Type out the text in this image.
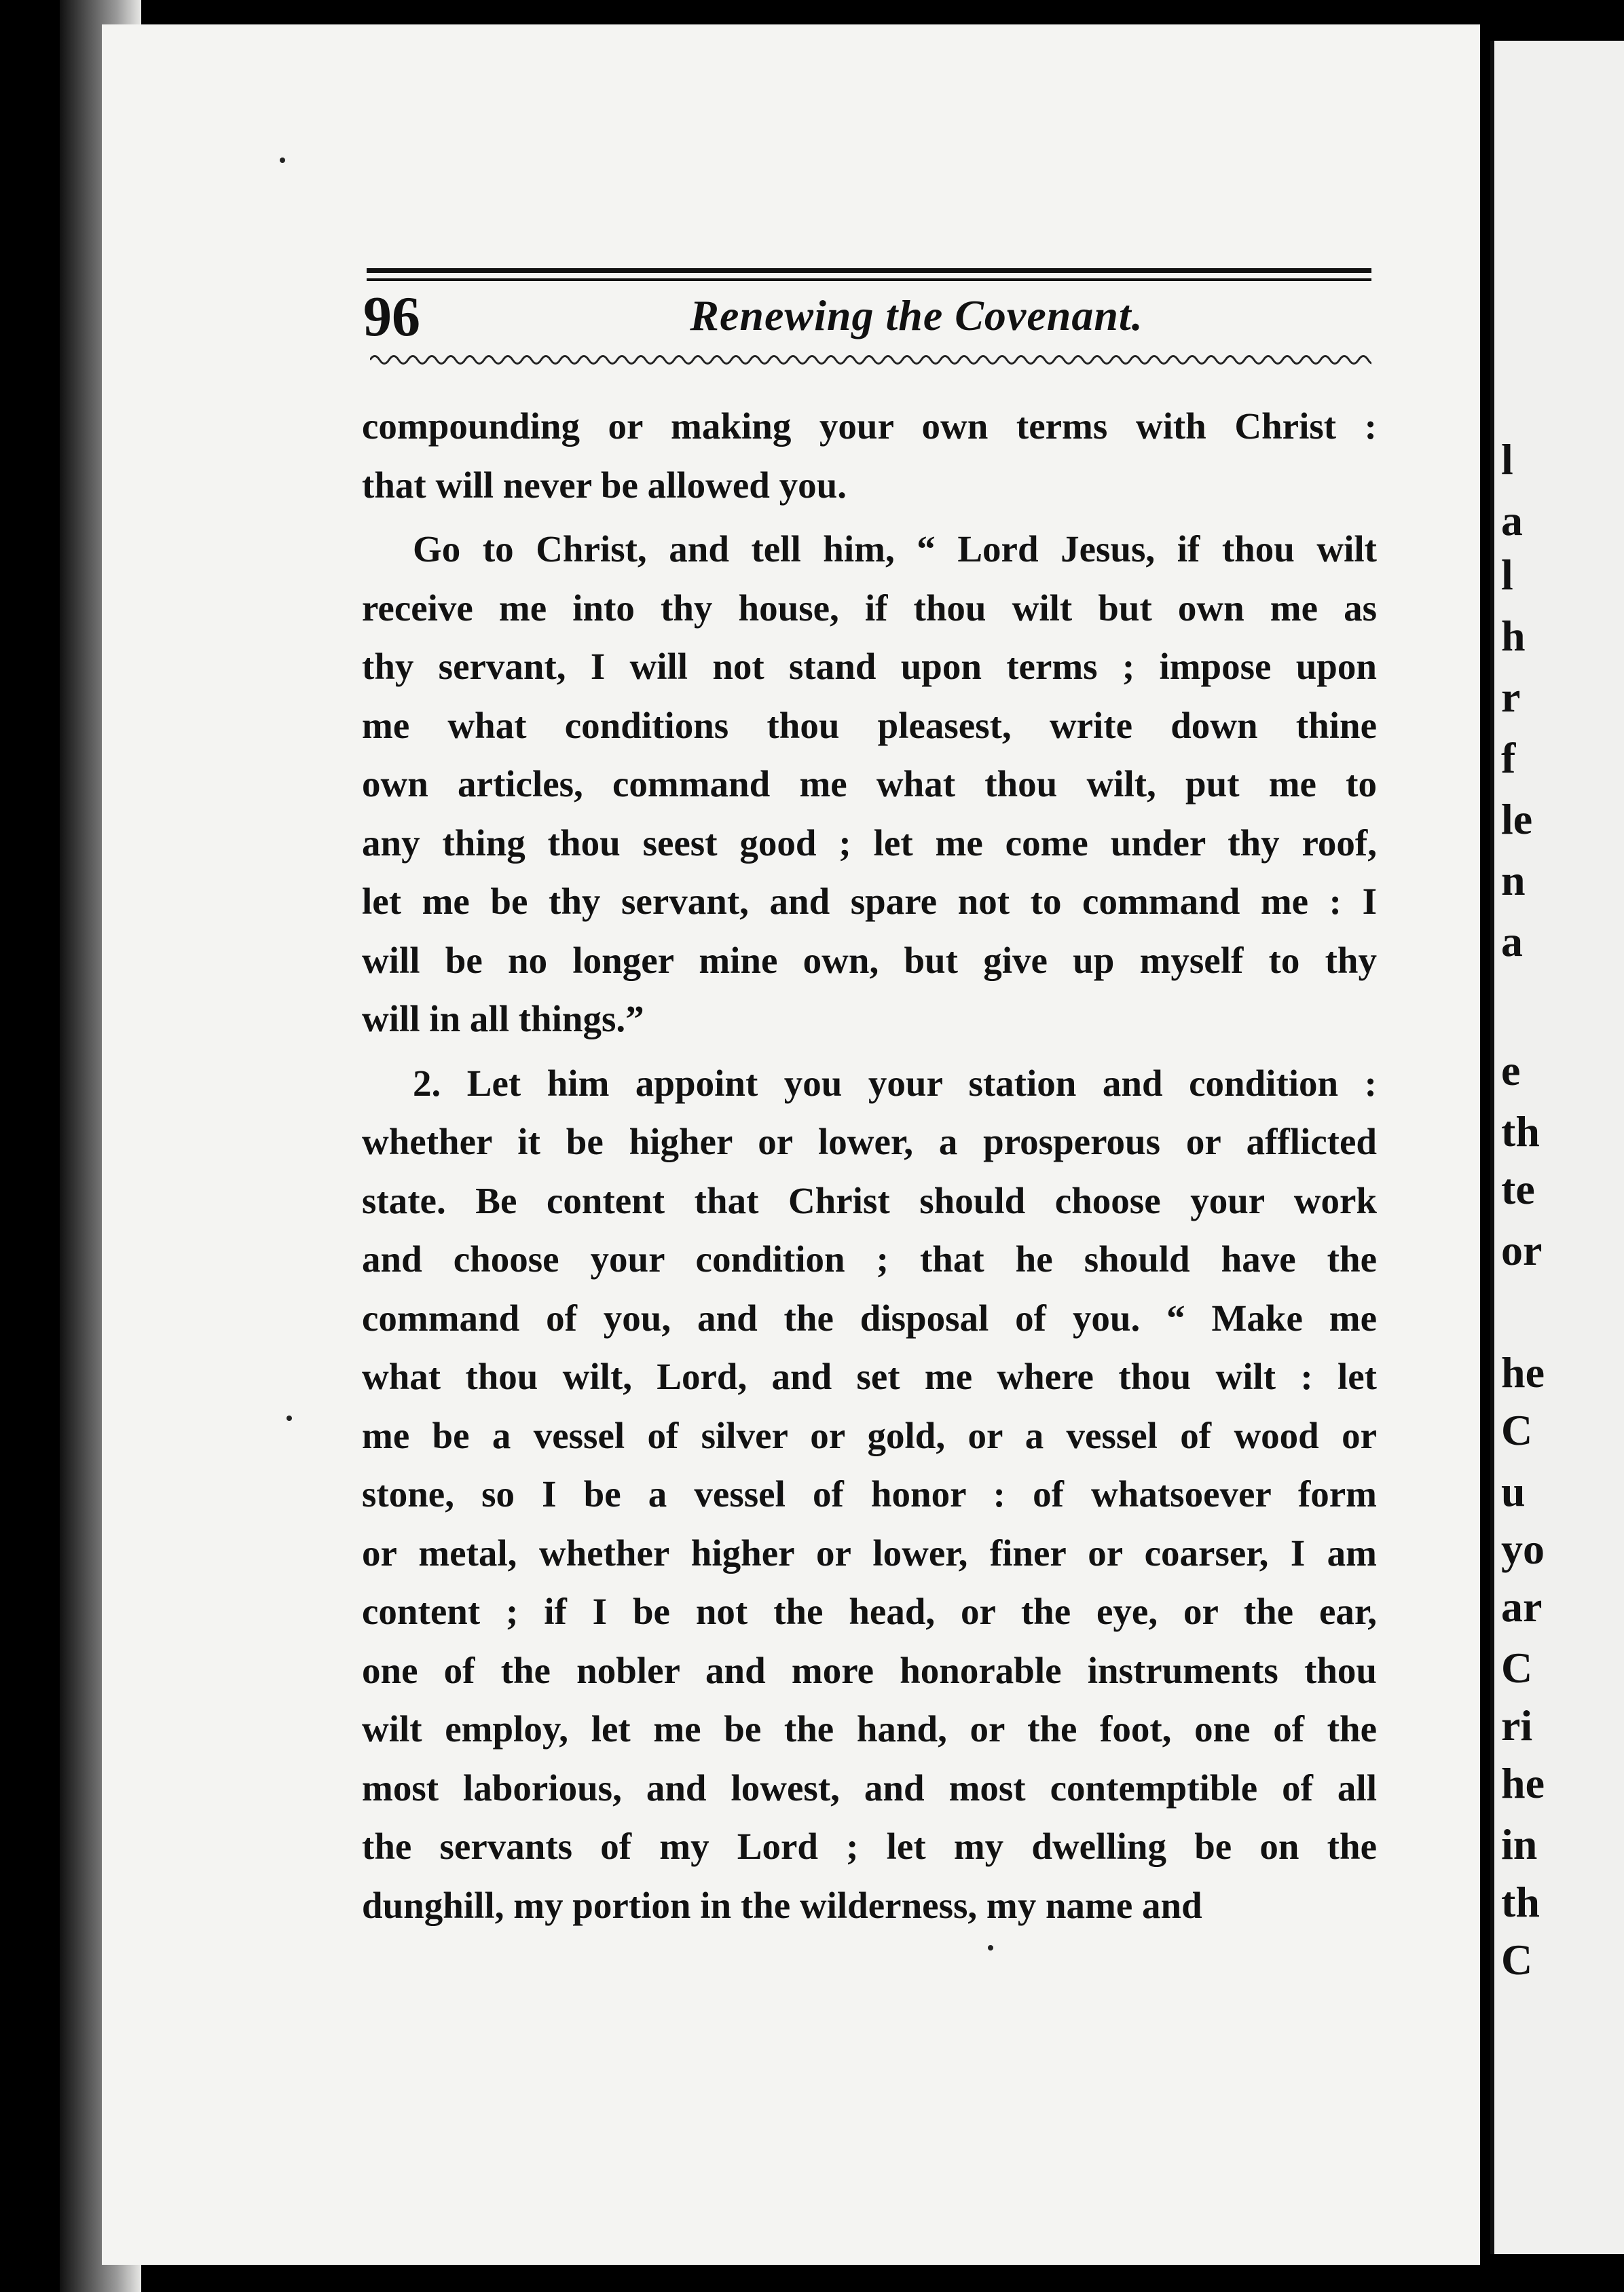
l
a
l
h
r
f
le
n
a
e
th
te
or
he
C
u
yo
ar
C
ri
he
in
th
C
96	Renewing the Covenant.
compounding or making your own terms with Christ :
that will never be allowed you.
Go to Christ, and tell him, “ Lord Jesus, if thou wilt
receive me into thy house, if thou wilt but own me as
thy servant, I will not stand upon terms ; impose upon
me what conditions thou pleasest, write down thine
own articles, command me what thou wilt, put me to
any thing thou seest good ; let me come under thy roof,
let me be thy servant, and spare not to command me : I
will be no longer mine own, but give up myself to thy
will in all things.”
2. Let him appoint you your station and condition :
whether it be higher or lower, a prosperous or afflicted
state. Be content that Christ should choose your work
and choose your condition ; that he should have the
command of you, and the disposal of you. “ Make me
what thou wilt, Lord, and set me where thou wilt : let
me be a vessel of silver or gold, or a vessel of wood or
stone, so I be a vessel of honor : of whatsoever form
or metal, whether higher or lower, finer or coarser, I am
content ; if I be not the head, or the eye, or the ear,
one of the nobler and more honorable instruments thou
wilt employ, let me be the hand, or the foot, one of the
most laborious, and lowest, and most contemptible of all
the servants of my Lord ; let my dwelling be on the
dunghill, my portion in the wilderness, my name and
